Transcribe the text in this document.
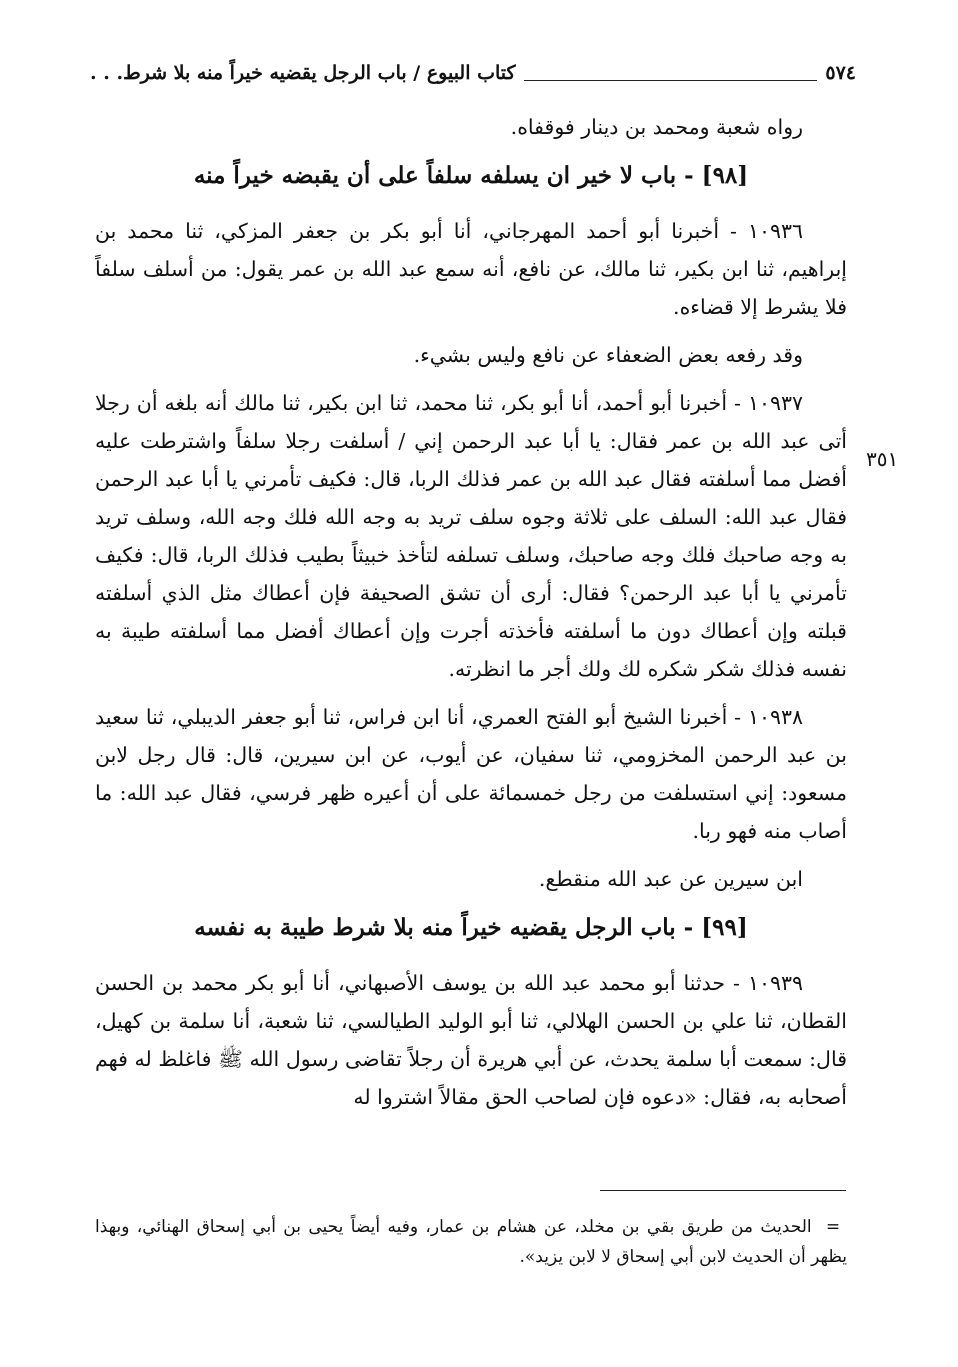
كتاب البيوع / باب الرجل يقضيه خيراً منه بلا شرط. . .	٥٧٤
٣٥١

رواه شعبة ومحمد بن دينار فوقفاه.

[٩٨] - باب لا خير ان يسلفه سلفاً على أن يقبضه خيراً منه

١٠٩٣٦ - أخبرنا أبو أحمد المهرجاني، أنا أبو بكر بن جعفر المزكي، ثنا محمد بن إبراهيم، ثنا ابن بكير، ثنا مالك، عن نافع، أنه سمع عبد الله بن عمر يقول: من أسلف سلفاً فلا يشرط إلا قضاءه.

وقد رفعه بعض الضعفاء عن نافع وليس بشيء.

١٠٩٣٧ - أخبرنا أبو أحمد، أنا أبو بكر، ثنا محمد، ثنا ابن بكير، ثنا مالك أنه بلغه أن رجلا أتى عبد الله بن عمر فقال: يا أبا عبد الرحمن إني / أسلفت رجلا سلفاً واشترطت عليه أفضل مما أسلفته فقال عبد الله بن عمر فذلك الربا، قال: فكيف تأمرني يا أبا عبد الرحمن فقال عبد الله: السلف على ثلاثة وجوه سلف تريد به وجه الله فلك وجه الله، وسلف تريد به وجه صاحبك فلك وجه صاحبك، وسلف تسلفه لتأخذ خبيثاً بطيب فذلك الربا، قال: فكيف تأمرني يا أبا عبد الرحمن؟ فقال: أرى أن تشق الصحيفة فإن أعطاك مثل الذي أسلفته قبلته وإن أعطاك دون ما أسلفته فأخذته أجرت وإن أعطاك أفضل مما أسلفته طيبة به نفسه فذلك شكر شكره لك ولك أجر ما انظرته.

١٠٩٣٨ - أخبرنا الشيخ أبو الفتح العمري، أنا ابن فراس، ثنا أبو جعفر الديبلي، ثنا سعيد بن عبد الرحمن المخزومي، ثنا سفيان، عن أيوب، عن ابن سيرين، قال: قال رجل لابن مسعود: إني استسلفت من رجل خمسمائة على أن أعيره ظهر فرسي، فقال عبد الله: ما أصاب منه فهو ربا.

ابن سيرين عن عبد الله منقطع.

[٩٩] - باب الرجل يقضيه خيراً منه بلا شرط طيبة به نفسه

١٠٩٣٩ - حدثنا أبو محمد عبد الله بن يوسف الأصبهاني، أنا أبو بكر محمد بن الحسن القطان، ثنا علي بن الحسن الهلالي، ثنا أبو الوليد الطيالسي، ثنا شعبة، أنا سلمة بن كهيل، قال: سمعت أبا سلمة يحدث، عن أبي هريرة أن رجلاً تقاضى رسول الله ﷺ فاغلظ له فهم أصحابه به، فقال: «دعوه فإن لصاحب الحق مقالاً اشتروا له

= الحديث من طريق بقي بن مخلد، عن هشام بن عمار، وفيه أيضاً يحيى بن أبي إسحاق الهنائي، وبهذا يظهر أن الحديث لابن أبي إسحاق لا لابن يزيد».
